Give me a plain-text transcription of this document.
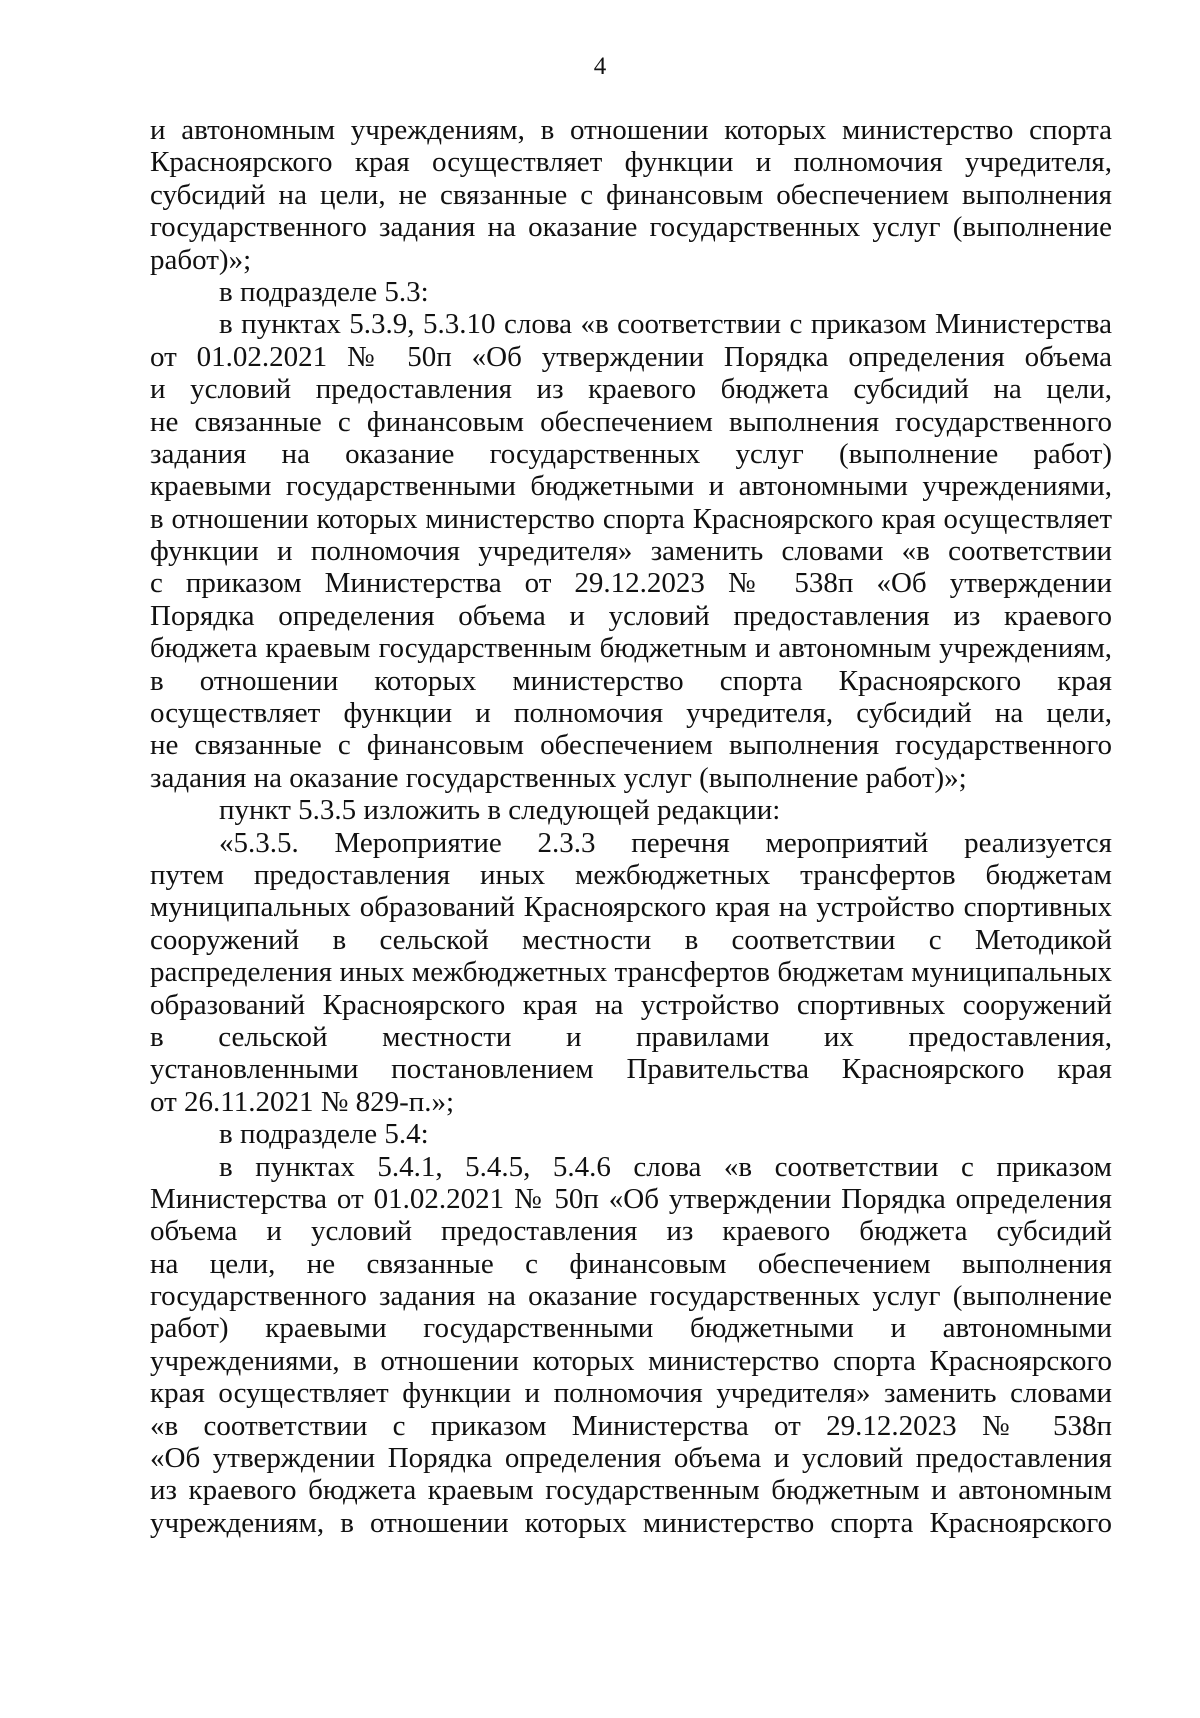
4
и автономным учреждениям, в отношении которых министерство спорта
Красноярского края осуществляет функции и полномочия учредителя,
субсидий на цели, не связанные с финансовым обеспечением выполнения
государственного задания на оказание государственных услуг (выполнение
работ)»;
в подразделе 5.3:
в пунктах 5.3.9, 5.3.10 слова «в соответствии с приказом Министерства
от 01.02.2021 № 50п «Об утверждении Порядка определения объема
и условий предоставления из краевого бюджета субсидий на цели,
не связанные с финансовым обеспечением выполнения государственного
задания на оказание государственных услуг (выполнение работ)
краевыми государственными бюджетными и автономными учреждениями,
в отношении которых министерство спорта Красноярского края осуществляет
функции и полномочия учредителя» заменить словами «в соответствии
с приказом Министерства от 29.12.2023 № 538п «Об утверждении
Порядка определения объема и условий предоставления из краевого
бюджета краевым государственным бюджетным и автономным учреждениям,
в отношении которых министерство спорта Красноярского края
осуществляет функции и полномочия учредителя, субсидий на цели,
не связанные с финансовым обеспечением выполнения государственного
задания на оказание государственных услуг (выполнение работ)»;
пункт 5.3.5 изложить в следующей редакции:
«5.3.5. Мероприятие 2.3.3 перечня мероприятий реализуется
путем предоставления иных межбюджетных трансфертов бюджетам
муниципальных образований Красноярского края на устройство спортивных
сооружений в сельской местности в соответствии с Методикой
распределения иных межбюджетных трансфертов бюджетам муниципальных
образований Красноярского края на устройство спортивных сооружений
в сельской местности и правилами их предоставления,
установленными постановлением Правительства Красноярского края
от 26.11.2021 № 829-п.»;
в подразделе 5.4:
в пунктах 5.4.1, 5.4.5, 5.4.6 слова «в соответствии с приказом
Министерства от 01.02.2021 № 50п «Об утверждении Порядка определения
объема и условий предоставления из краевого бюджета субсидий
на цели, не связанные с финансовым обеспечением выполнения
государственного задания на оказание государственных услуг (выполнение
работ) краевыми государственными бюджетными и автономными
учреждениями, в отношении которых министерство спорта Красноярского
края осуществляет функции и полномочия учредителя» заменить словами
«в соответствии с приказом Министерства от 29.12.2023 № 538п
«Об утверждении Порядка определения объема и условий предоставления
из краевого бюджета краевым государственным бюджетным и автономным
учреждениям, в отношении которых министерство спорта Красноярского
